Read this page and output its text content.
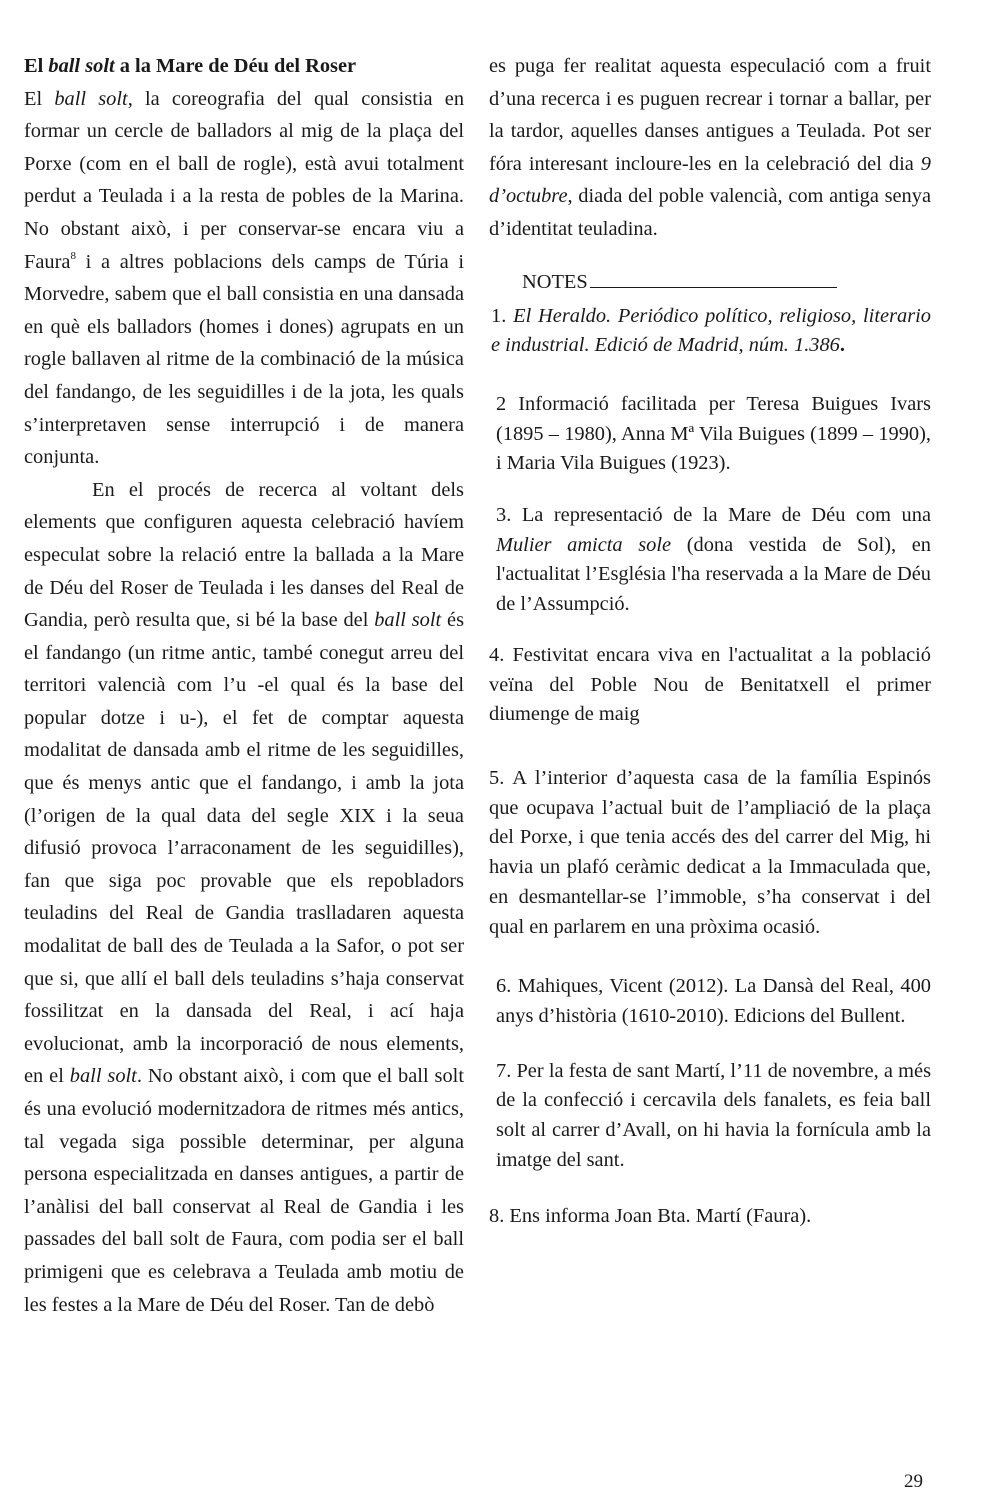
El ball solt a la Mare de Déu del Roser

El ball solt, la coreografia del qual consistia en formar un cercle de balladors al mig de la plaça del Porxe (com en el ball de rogle), està avui totalment perdut a Teulada i a la resta de pobles de la Marina. No obstant això, i per conservar-se encara viu a Faura$^8$ i a altres poblacions dels camps de Túria i Morvedre, sabem que el ball consistia en una dansada en què els balladors (homes i dones) agrupats en un rogle ballaven al ritme de la combinació de la música del fandango, de les seguidilles i de la jota, les quals s’interpretaven sense interrupció i de manera conjunta.

En el procés de recerca al voltant dels elements que configuren aquesta celebració havíem especulat sobre la relació entre la ballada a la Mare de Déu del Roser de Teulada i les danses del Real de Gandia, però resulta que, si bé la base del ball solt és el fandango (un ritme antic, també conegut arreu del territori valencià com l’u -el qual és la base del popular dotze i u-), el fet de comptar aquesta modalitat de dansada amb el ritme de les seguidilles, que és menys antic que el fandango, i amb la jota (l’origen de la qual data del segle XIX i la seua difusió provoca l’arraconament de les seguidilles), fan que siga poc provable que els repobladors teuladins del Real de Gandia traslladaren aquesta modalitat de ball des de Teulada a la Safor, o pot ser que si, que allí el ball dels teuladins s’haja conservat fossilitzat en la dansada del Real, i ací haja evolucionat, amb la incorporació de nous elements, en el ball solt. No obstant això, i com que el ball solt és una evolució modernitzadora de ritmes més antics, tal vegada siga possible determinar, per alguna persona especialitzada en danses antigues, a partir de l’anàlisi del ball conservat al Real de Gandia i les passades del ball solt de Faura, com podia ser el ball primigeni que es celebrava a Teulada amb motiu de les festes a la Mare de Déu del Roser. Tan de debò

es puga fer realitat aquesta especulació com a fruit d’una recerca i es puguen recrear i tornar a ballar, per la tardor, aquelles danses antigues a Teulada. Pot ser fóra interesant incloure-les en la celebració del dia 9 d’octubre, diada del poble valencià, com antiga senya d’identitat teuladina.

NOTES

1. El Heraldo. Periódico político, religioso, literario e industrial. Edició de Madrid, núm. 1.386.

2 Informació facilitada per Teresa Buigues Ivars (1895 – 1980), Anna Mª Vila Buigues (1899 – 1990), i Maria Vila Buigues (1923).

3. La representació de la Mare de Déu com una Mulier amicta sole (dona vestida de Sol), en l'actualitat l’Església l'ha reservada a la Mare de Déu de l’Assumpció.

4. Festivitat encara viva en l'actualitat a la població veïna del Poble Nou de Benitatxell el primer diumenge de maig

5. A l’interior d’aquesta casa de la família Espinós que ocupava l’actual buit de l’ampliació de la plaça del Porxe, i que tenia accés des del carrer del Mig, hi havia un plafó ceràmic dedicat a la Immaculada que, en desmantellar-se l’immoble, s’ha conservat i del qual en parlarem en una pròxima ocasió.

6. Mahiques, Vicent (2012). La Dansà del Real, 400 anys d’història (1610-2010). Edicions del Bullent.

7. Per la festa de sant Martí, l’11 de novembre, a més de la confecció i cercavila dels fanalets, es feia ball solt al carrer d’Avall, on hi havia la fornícula amb la imatge del sant.

8. Ens informa Joan Bta. Martí (Faura).

29
